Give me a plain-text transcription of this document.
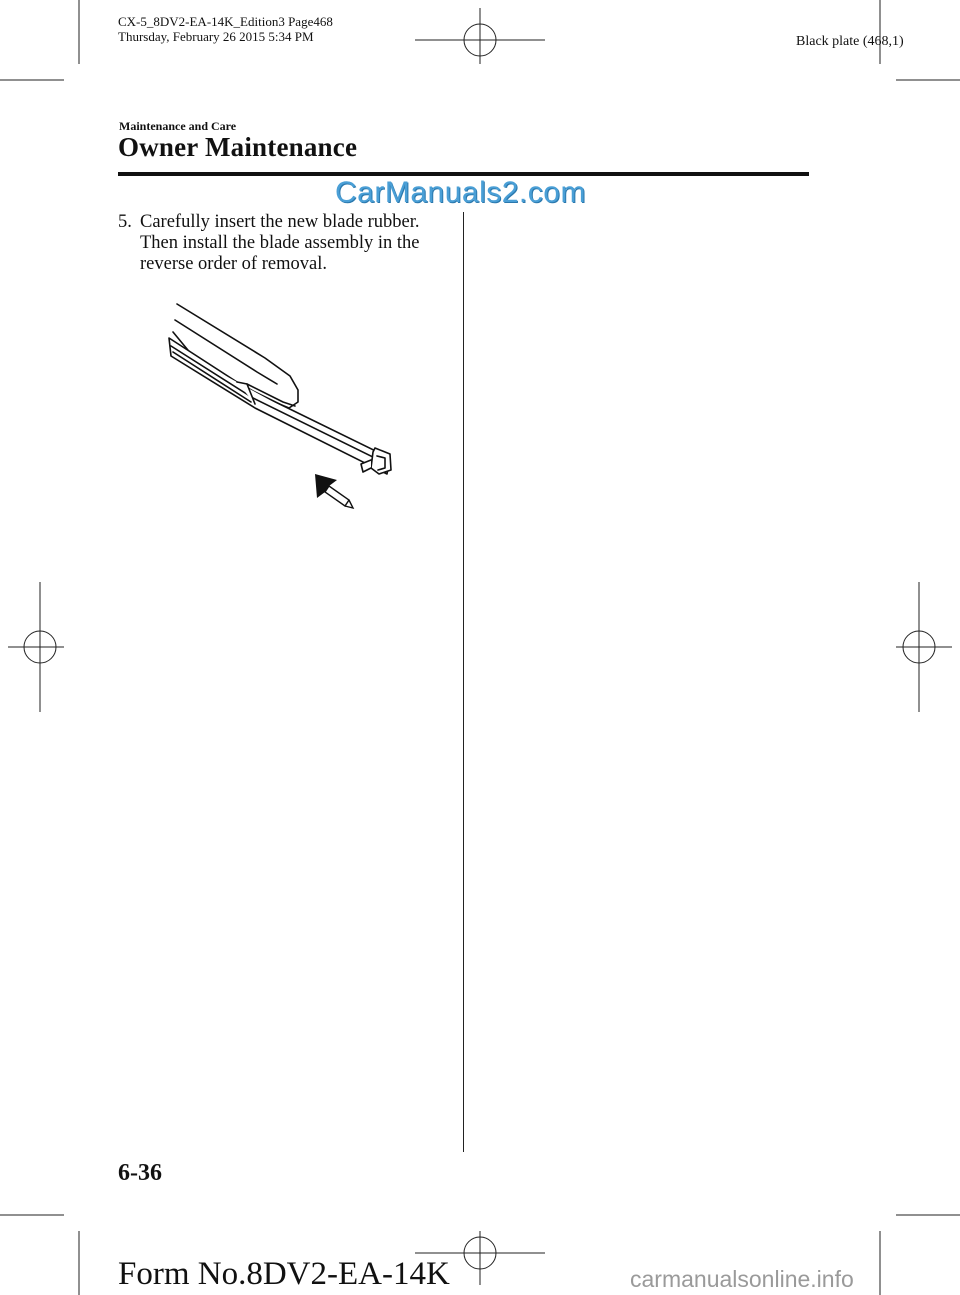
CX-5_8DV2-EA-14K_Edition3 Page468
Thursday, February 26 2015 5:34 PM	Black plate (468,1)
Maintenance and Care
Owner Maintenance
CarManuals2.com
5. Carefully insert the new blade rubber. Then install the blade assembly in the reverse order of removal.
6-36
Form No.8DV2-EA-14K	carmanualsonline.info
